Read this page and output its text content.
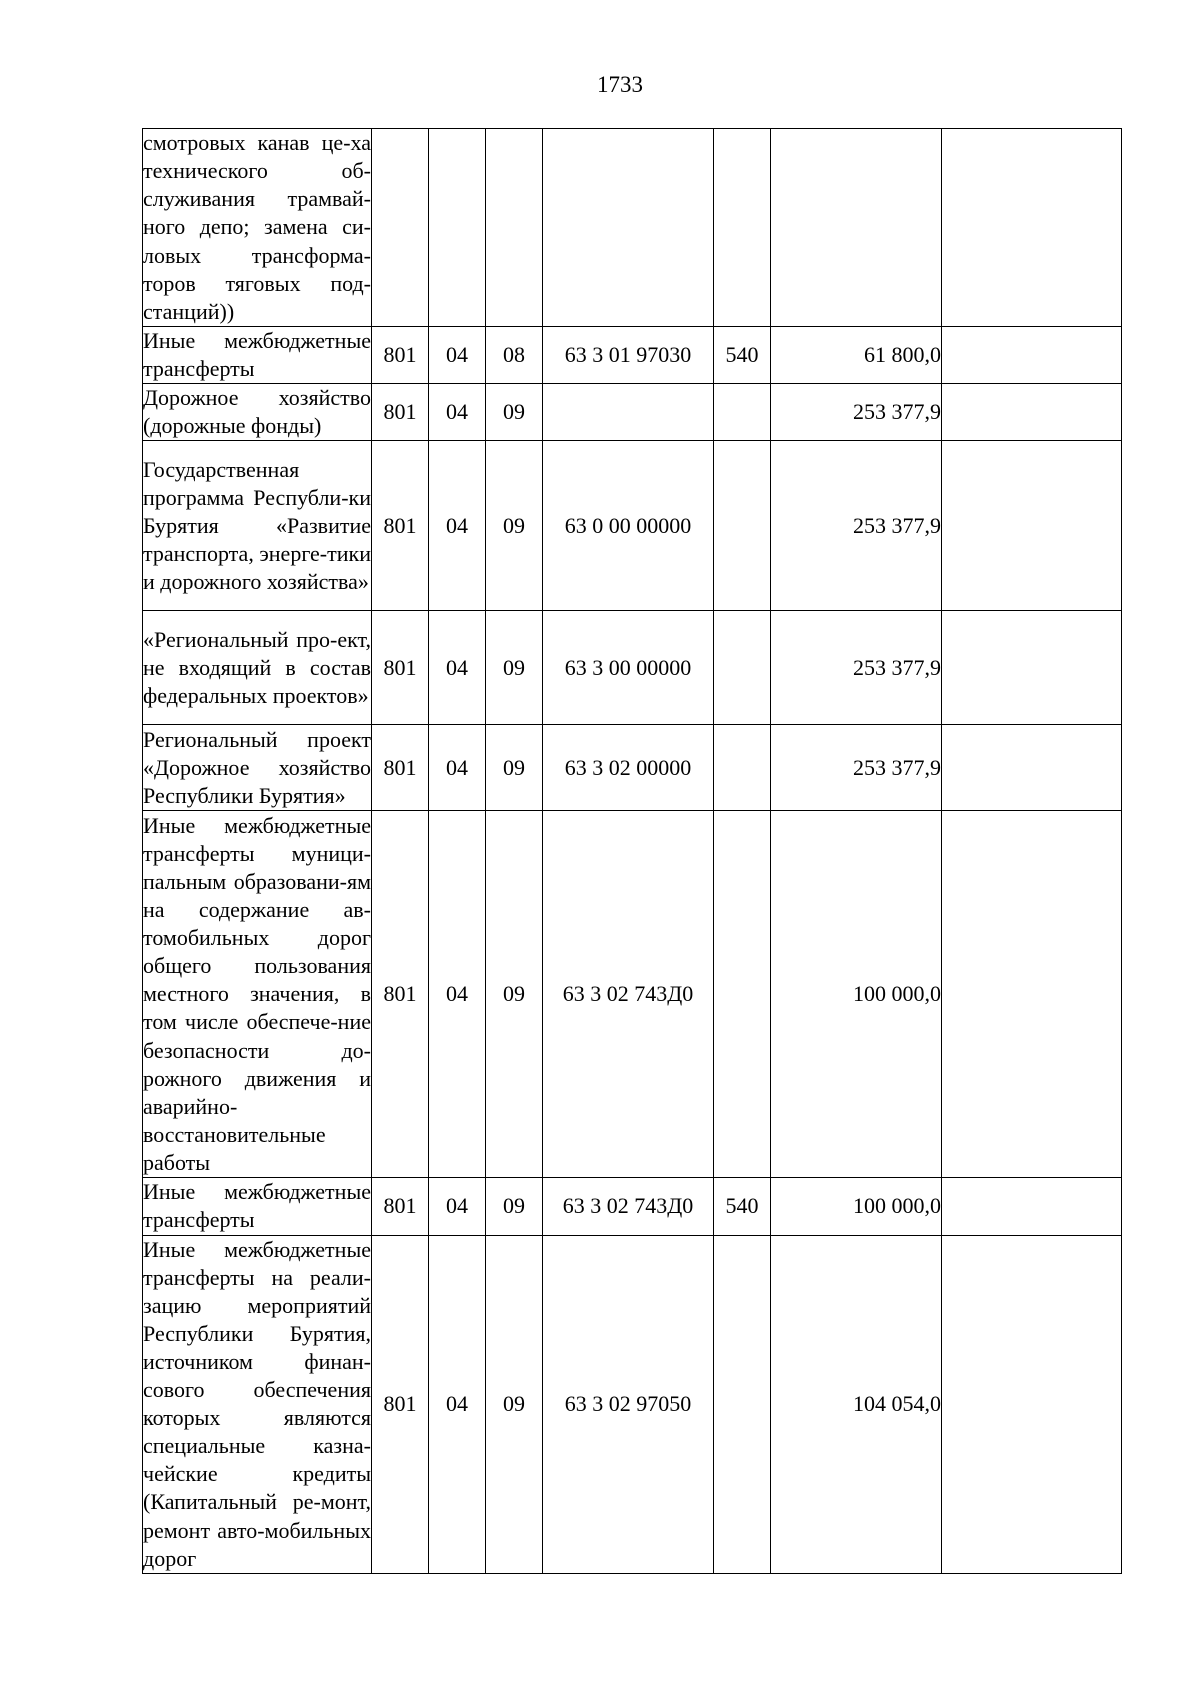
1733
смотровых канав це-ха технического об-служивания трамвай-ного депо; замена си-ловых трансформа-торов тяговых под-станций))							
Иные межбюджетные трансферты	801	04	08	63 3 01 97030	540	61 800,0	
Дорожное хозяйство (дорожные фонды)	801	04	09			253 377,9	
Государственная программа Республи-ки Бурятия «Развитие транспорта, энерге-тики и дорожного хозяйства»	801	04	09	63 0 00 00000		253 377,9	
«Региональный про-ект, не входящий в состав федеральных проектов»	801	04	09	63 3 00 00000		253 377,9	
Региональный проект «Дорожное хозяйство Республики Бурятия»	801	04	09	63 3 02 00000		253 377,9	
Иные межбюджетные трансферты муници-пальным образовани-ям на содержание ав-томобильных дорог общего пользования местного значения, в том числе обеспече-ние безопасности до-рожного движения и аварийно-восстановительные работы	801	04	09	63 3 02 743Д0		100 000,0	
Иные межбюджетные трансферты	801	04	09	63 3 02 743Д0	540	100 000,0	
Иные межбюджетные трансферты на реали-зацию мероприятий Республики Бурятия, источником финан-сового обеспечения которых являются специальные казна-чейские кредиты (Капитальный ре-монт, ремонт авто-мобильных дорог	801	04	09	63 3 02 97050		104 054,0	
